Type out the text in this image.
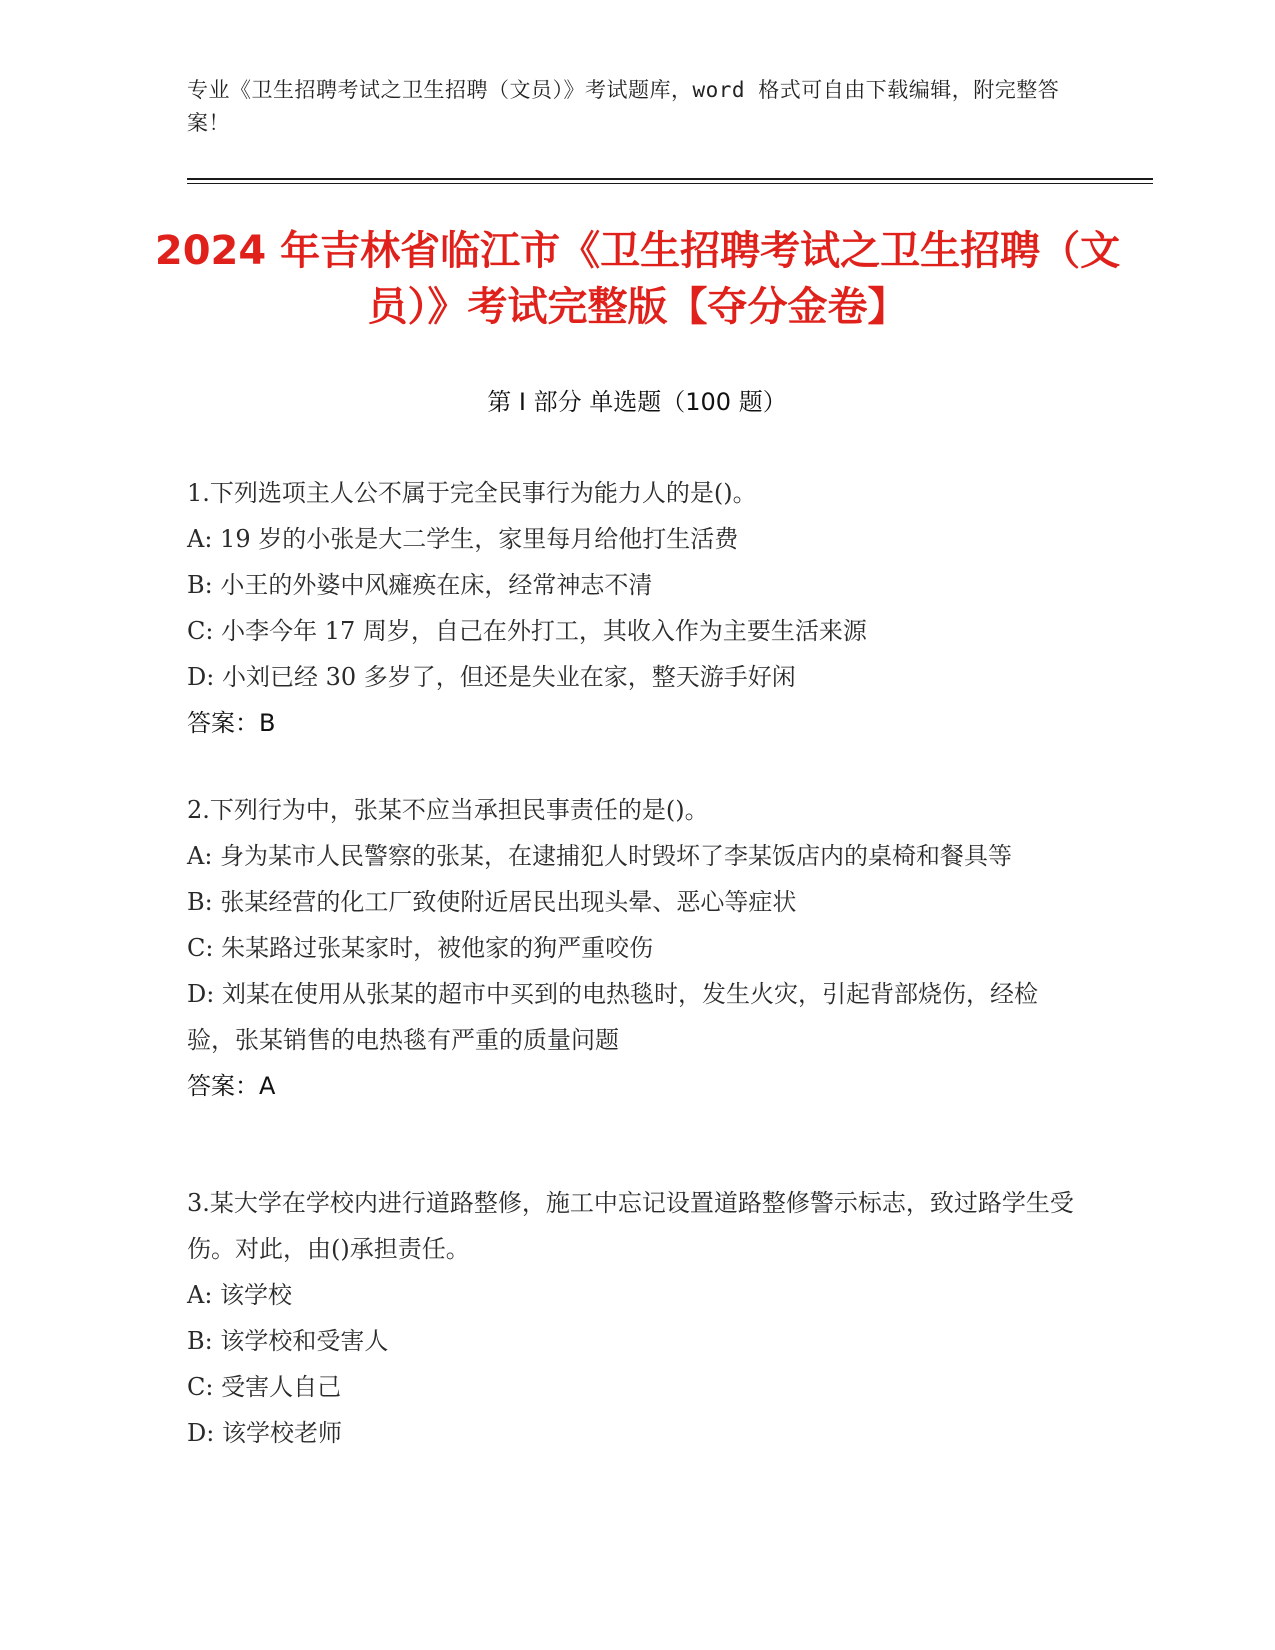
专业《卫生招聘考试之卫生招聘（文员）》考试题库，word 格式可自由下载编辑，附完整答案！
2024 年吉林省临江市《卫生招聘考试之卫生招聘（文员）》考试完整版【夺分金卷】
第 I 部分 单选题（100 题）
1.下列选项主人公不属于完全民事行为能力人的是()。
A: 19 岁的小张是大二学生，家里每月给他打生活费
B: 小王的外婆中风瘫痪在床，经常神志不清
C: 小李今年 17 周岁，自己在外打工，其收入作为主要生活来源
D: 小刘已经 30 多岁了，但还是失业在家，整天游手好闲
答案：B
2.下列行为中，张某不应当承担民事责任的是()。
A: 身为某市人民警察的张某，在逮捕犯人时毁坏了李某饭店内的桌椅和餐具等
B: 张某经营的化工厂致使附近居民出现头晕、恶心等症状
C: 朱某路过张某家时，被他家的狗严重咬伤
D: 刘某在使用从张某的超市中买到的电热毯时，发生火灾，引起背部烧伤，经检验，张某销售的电热毯有严重的质量问题
答案：A
3.某大学在学校内进行道路整修，施工中忘记设置道路整修警示标志，致过路学生受伤。对此，由()承担责任。
A: 该学校
B: 该学校和受害人
C: 受害人自己
D: 该学校老师
